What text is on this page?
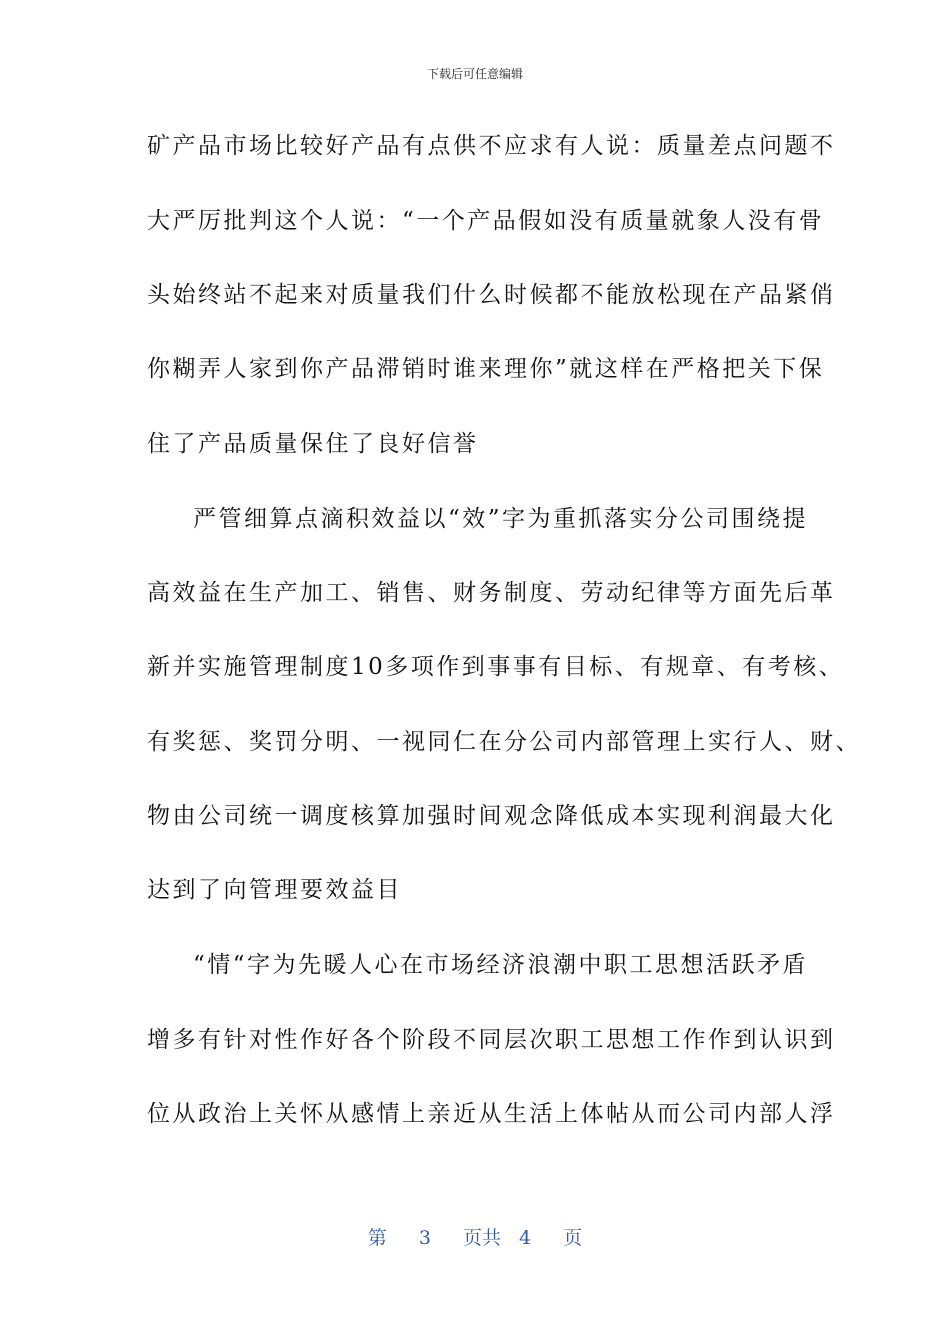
下载后可任意编辑
矿产品市场比较好产品有点供不应求有人说：质量差点问题不
大严厉批判这个人说：“一个产品假如没有质量就象人没有骨
头始终站不起来对质量我们什么时候都不能放松现在产品紧俏
你糊弄人家到你产品滞销时谁来理你”就这样在严格把关下保
住了产品质量保住了良好信誉
严管细算点滴积效益以“效”字为重抓落实分公司围绕提
高效益在生产加工、销售、财务制度、劳动纪律等方面先后革
新并实施管理制度10多项作到事事有目标、有规章、有考核、
有奖惩、奖罚分明、一视同仁在分公司内部管理上实行人、财、
物由公司统一调度核算加强时间观念降低成本实现利润最大化
达到了向管理要效益目
“情“字为先暖人心在市场经济浪潮中职工思想活跃矛盾
增多有针对性作好各个阶段不同层次职工思想工作作到认识到
位从政治上关怀从感情上亲近从生活上体帖从而公司内部人浮
第 3 页共 4 页
